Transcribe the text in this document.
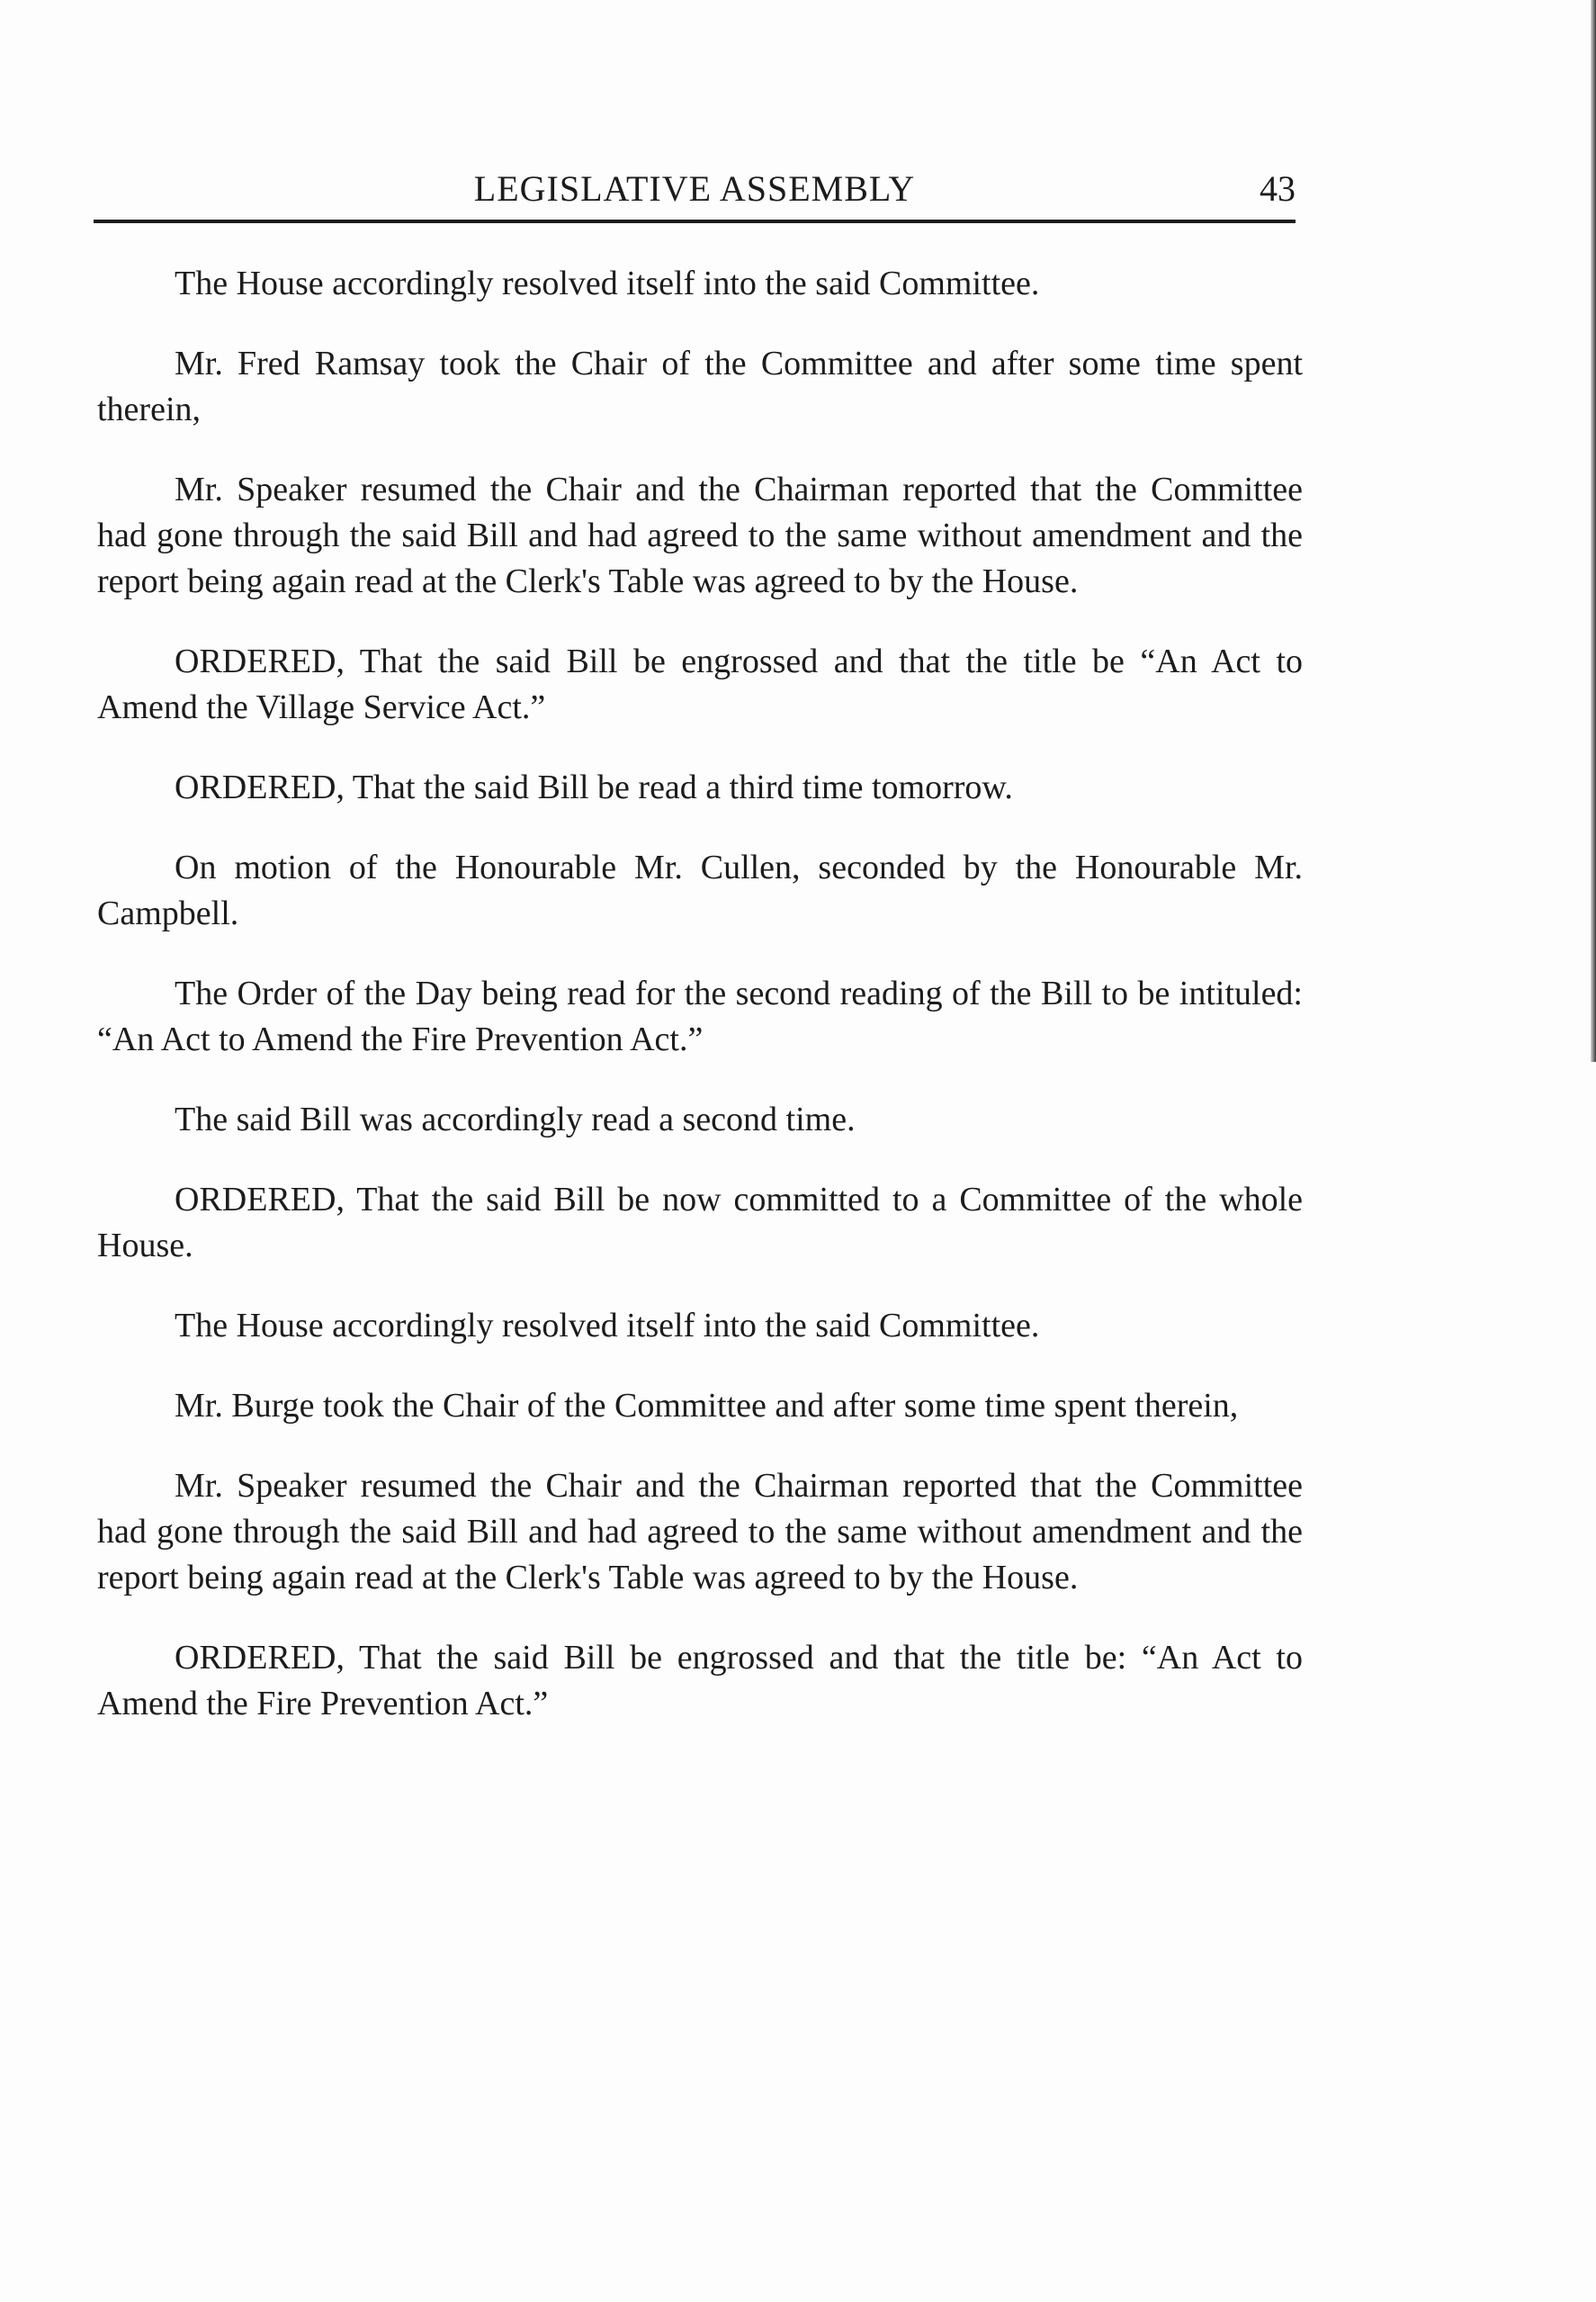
LEGISLATIVE ASSEMBLY	43

The House accordingly resolved itself into the said Committee.

Mr. Fred Ramsay took the Chair of the Committee and after some time spent therein,

Mr. Speaker resumed the Chair and the Chairman reported that the Committee had gone through the said Bill and had agreed to the same without amendment and the report being again read at the Clerk's Table was agreed to by the House.

ORDERED, That the said Bill be engrossed and that the title be “An Act to Amend the Village Service Act.”

ORDERED, That the said Bill be read a third time tomorrow.

On motion of the Honourable Mr. Cullen, seconded by the Honourable Mr. Campbell.

The Order of the Day being read for the second reading of the Bill to be intituled: “An Act to Amend the Fire Prevention Act.”

The said Bill was accordingly read a second time.

ORDERED, That the said Bill be now committed to a Committee of the whole House.

The House accordingly resolved itself into the said Committee.

Mr. Burge took the Chair of the Committee and after some time spent therein,

Mr. Speaker resumed the Chair and the Chairman reported that the Committee had gone through the said Bill and had agreed to the same without amendment and the report being again read at the Clerk's Table was agreed to by the House.

ORDERED, That the said Bill be engrossed and that the title be: “An Act to Amend the Fire Prevention Act.”
